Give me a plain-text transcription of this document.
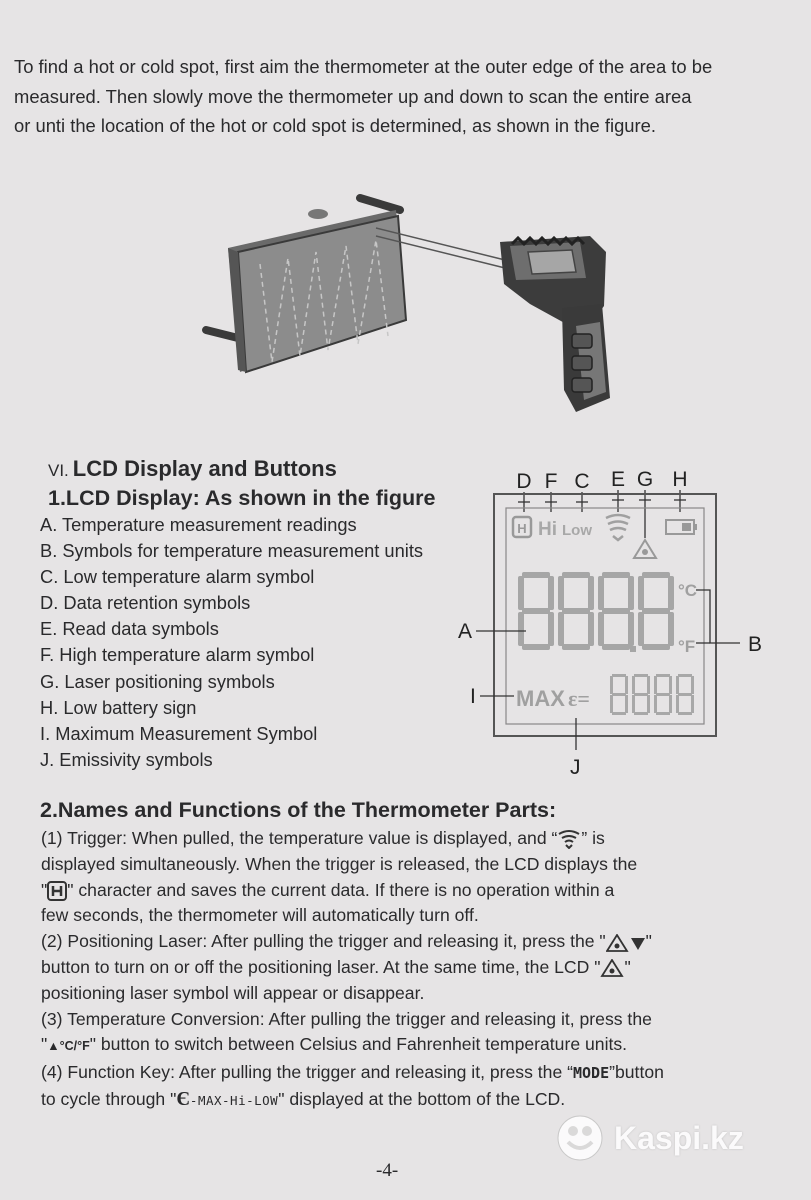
To find a hot or cold spot, first aim the thermometer at the outer edge of the area to be

measured. Then slowly move the thermometer up and down to scan the entire area

or unti the location of the hot or cold spot is determined, as shown in the figure.

VI. LCD Display and Buttons
1.LCD Display: As shown in the figure
A. Temperature measurement readings
B. Symbols for temperature measurement units
C. Low temperature alarm symbol
D. Data retention symbols
E. Read data symbols
F. High temperature alarm symbol
G. Laser positioning symbols
H. Low battery sign
I. Maximum Measurement Symbol
J. Emissivity symbols
D F C E G H
H Hi Low
°C
°F
A
B
I MAX ε=
J
2.Names and Functions of the Thermometer Parts:

(1) Trigger: When pulled, the temperature value is displayed, and “ ” is

displayed simultaneously. When the trigger is released, the LCD displays the

" " character and saves the current data. If there is no operation within a

few seconds, the thermometer will automatically turn off.

(2) Positioning Laser: After pulling the trigger and releasing it, press the " "

button to turn on or off the positioning laser. At the same time, the LCD " "

positioning laser symbol will appear or disappear.

(3) Temperature Conversion: After pulling the trigger and releasing it, press the

"▲°C/°F" button to switch between Celsius and Fahrenheit temperature units.

(4) Function Key: After pulling the trigger and releasing it, press the “MODE”button

to cycle through "Є-MAX-Hi-LOW" displayed at the bottom of the LCD.

Kaspi.kz
-4-
